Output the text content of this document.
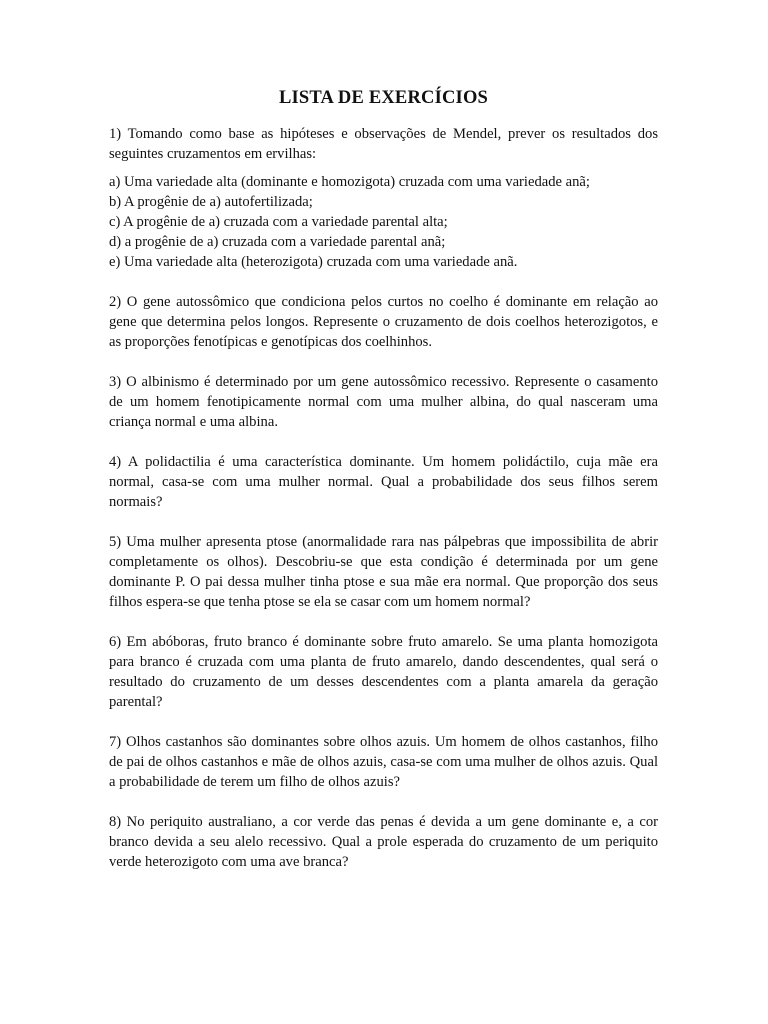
LISTA DE EXERCÍCIOS

1) Tomando como base as hipóteses e observações de Mendel, prever os resultados dos seguintes cruzamentos em ervilhas:

a) Uma variedade alta (dominante e homozigota) cruzada com uma variedade anã;
b) A progênie de a) autofertilizada;
c) A progênie de a) cruzada com a variedade parental alta;
d) a progênie de a) cruzada com a variedade parental anã;
e) Uma variedade alta (heterozigota) cruzada com uma variedade anã.

2) O gene autossômico que condiciona pelos curtos no coelho é dominante em relação ao gene que determina pelos longos. Represente o cruzamento de dois coelhos heterozigotos, e as proporções fenotípicas e genotípicas dos coelhinhos.

3) O albinismo é determinado por um gene autossômico recessivo. Represente o casamento de um homem fenotipicamente normal com uma mulher albina, do qual nasceram uma criança normal e uma albina.

4) A polidactilia é uma característica dominante. Um homem polidáctilo, cuja mãe era normal, casa-se com uma mulher normal. Qual a probabilidade dos seus filhos serem normais?

5) Uma mulher apresenta ptose (anormalidade rara nas pálpebras que impossibilita de abrir completamente os olhos). Descobriu-se que esta condição é determinada por um gene dominante P. O pai dessa mulher tinha ptose e sua mãe era normal. Que proporção dos seus filhos espera-se que tenha ptose se ela se casar com um homem normal?

6) Em abóboras, fruto branco é dominante sobre fruto amarelo. Se uma planta homozigota para branco é cruzada com uma planta de fruto amarelo, dando descendentes, qual será o resultado do cruzamento de um desses descendentes com a planta amarela da geração parental?

7) Olhos castanhos são dominantes sobre olhos azuis. Um homem de olhos castanhos, filho de pai de olhos castanhos e mãe de olhos azuis, casa-se com uma mulher de olhos azuis. Qual a probabilidade de terem um filho de olhos azuis?

8) No periquito australiano, a cor verde das penas é devida a um gene dominante e, a cor branco devida a seu alelo recessivo. Qual a prole esperada do cruzamento de um periquito verde heterozigoto com uma ave branca?
